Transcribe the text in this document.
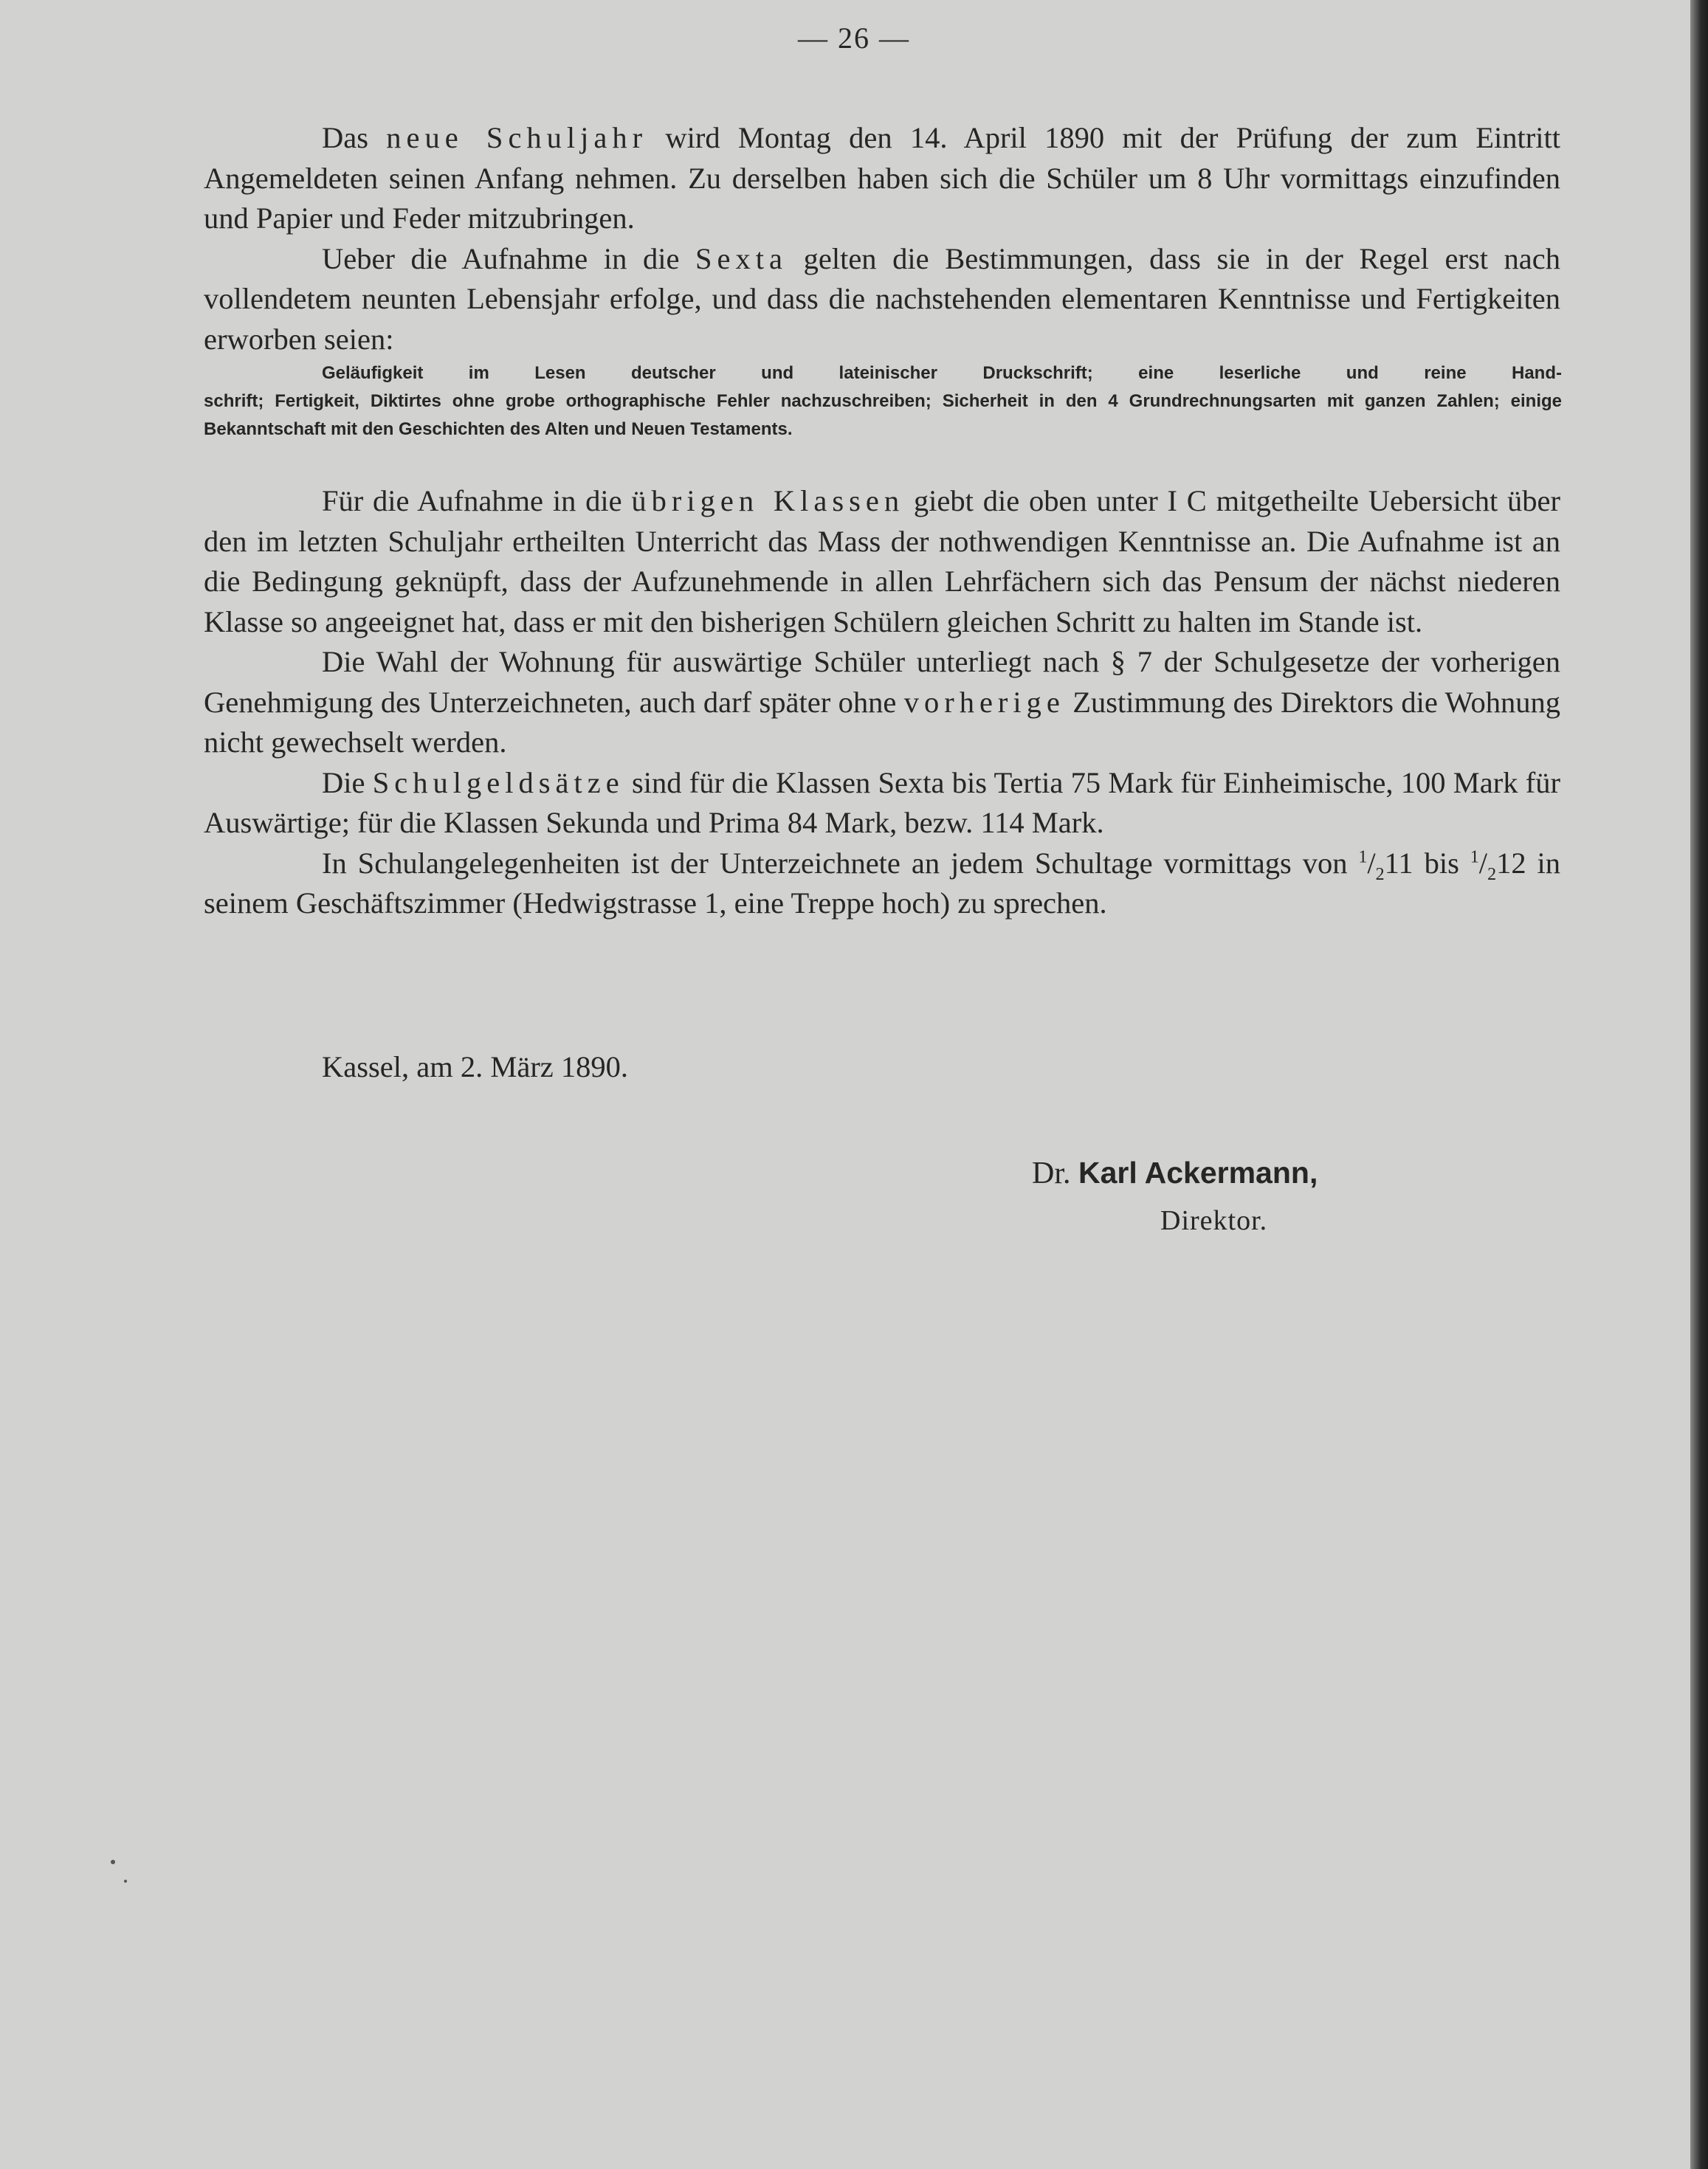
— 26 —

Das neue Schuljahr wird Montag den 14. April 1890 mit der Prüfung der zum Eintritt Angemeldeten seinen Anfang nehmen. Zu derselben haben sich die Schüler um 8 Uhr vormittags einzufinden und Papier und Feder mitzubringen.

Ueber die Aufnahme in die Sexta gelten die Bestimmungen, dass sie in der Regel erst nach vollendetem neunten Lebensjahr erfolge, und dass die nachstehenden elementaren Kenntnisse und Fertigkeiten erworben seien:

Für die Aufnahme in die übrigen Klassen giebt die oben unter I C mitgetheilte Uebersicht über den im letzten Schuljahr ertheilten Unterricht das Mass der nothwendigen Kenntnisse an. Die Aufnahme ist an die Bedingung geknüpft, dass der Aufzunehmende in allen Lehrfächern sich das Pensum der nächst niederen Klasse so angeeignet hat, dass er mit den bisherigen Schülern gleichen Schritt zu halten im Stande ist.

Die Wahl der Wohnung für auswärtige Schüler unterliegt nach § 7 der Schulgesetze der vorherigen Genehmigung des Unterzeichneten, auch darf später ohne vorherige Zustimmung des Direktors die Wohnung nicht gewechselt werden.

Die Schulgeldsätze sind für die Klassen Sexta bis Tertia 75 Mark für Einheimische, 100 Mark für Auswärtige; für die Klassen Sekunda und Prima 84 Mark, bezw. 114 Mark.

In Schulangelegenheiten ist der Unterzeichnete an jedem Schultage vormittags von $^1/_211$ bis $^1/_212$ in seinem Geschäftszimmer (Hedwigstrasse 1, eine Treppe hoch) zu sprechen.

Geläufigkeit im Lesen deutscher und lateinischer Druckschrift; eine leserliche und reine Hand-
schrift; Fertigkeit, Diktirtes ohne grobe orthographische Fehler nachzuschreiben; Sicherheit in den 4 Grundrechnungsarten mit ganzen Zahlen; einige Bekanntschaft mit den Geschichten des Alten und Neuen Testaments.
Kassel, am 2. März 1890.
Dr. Karl Ackermann,
Direktor.
